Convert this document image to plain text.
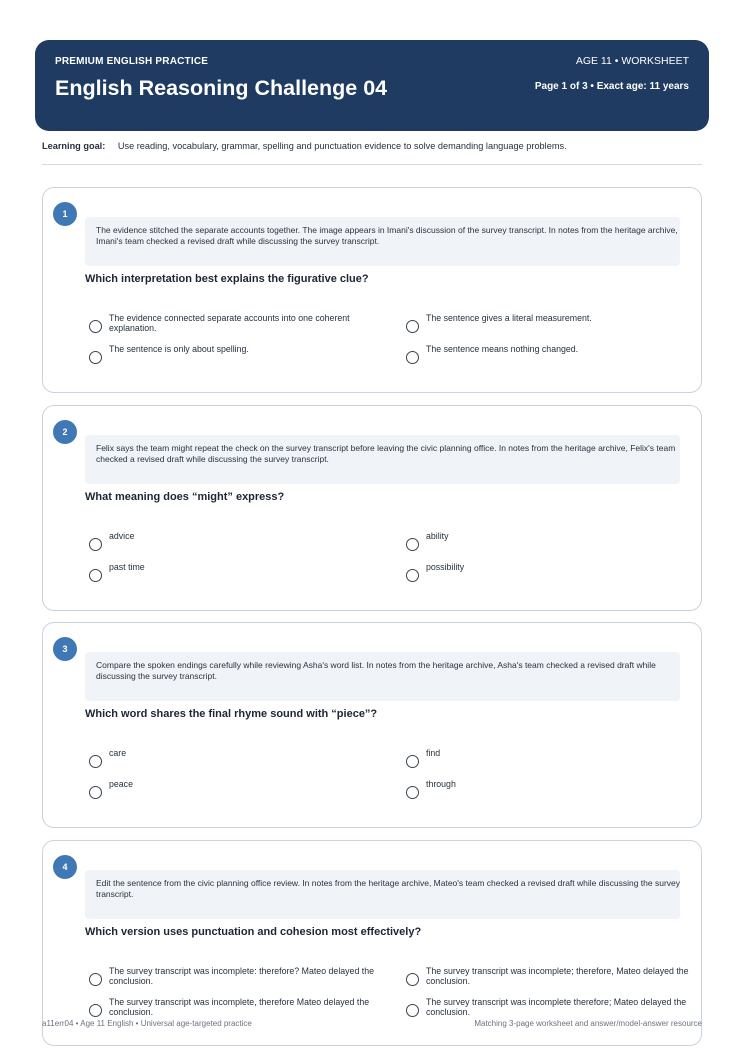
PREMIUM ENGLISH PRACTICE
English Reasoning Challenge 04
AGE 11 • WORKSHEET
Page 1 of 3 • Exact age: 11 years
Learning goal: Use reading, vocabulary, grammar, spelling and punctuation evidence to solve demanding language problems.
1
The evidence stitched the separate accounts together. The image appears in Imani's discussion of the survey transcript. In notes from the heritage archive, Imani's team checked a revised draft while discussing the survey transcript.
Which interpretation best explains the figurative clue?
The evidence connected separate accounts into one coherent explanation.
The sentence gives a literal measurement.
The sentence is only about spelling.	The sentence means nothing changed.
2
Felix says the team might repeat the check on the survey transcript before leaving the civic planning office. In notes from the heritage archive, Felix's team checked a revised draft while discussing the survey transcript.
What meaning does “might” express?
advice	ability
past time	possibility
3
Compare the spoken endings carefully while reviewing Asha's word list. In notes from the heritage archive, Asha's team checked a revised draft while discussing the survey transcript.
Which word shares the final rhyme sound with “piece”?
care	find
peace	through
4
Edit the sentence from the civic planning office review. In notes from the heritage archive, Mateo's team checked a revised draft while discussing the survey transcript.
Which version uses punctuation and cohesion most effectively?
The survey transcript was incomplete: therefore? Mateo delayed the conclusion.
The survey transcript was incomplete; therefore, Mateo delayed the conclusion.
The survey transcript was incomplete, therefore Mateo delayed the conclusion.
The survey transcript was incomplete therefore; Mateo delayed the conclusion.
a11err04 • Age 11 English • Universal age-targeted practice	Matching 3-page worksheet and answer/model-answer resource
